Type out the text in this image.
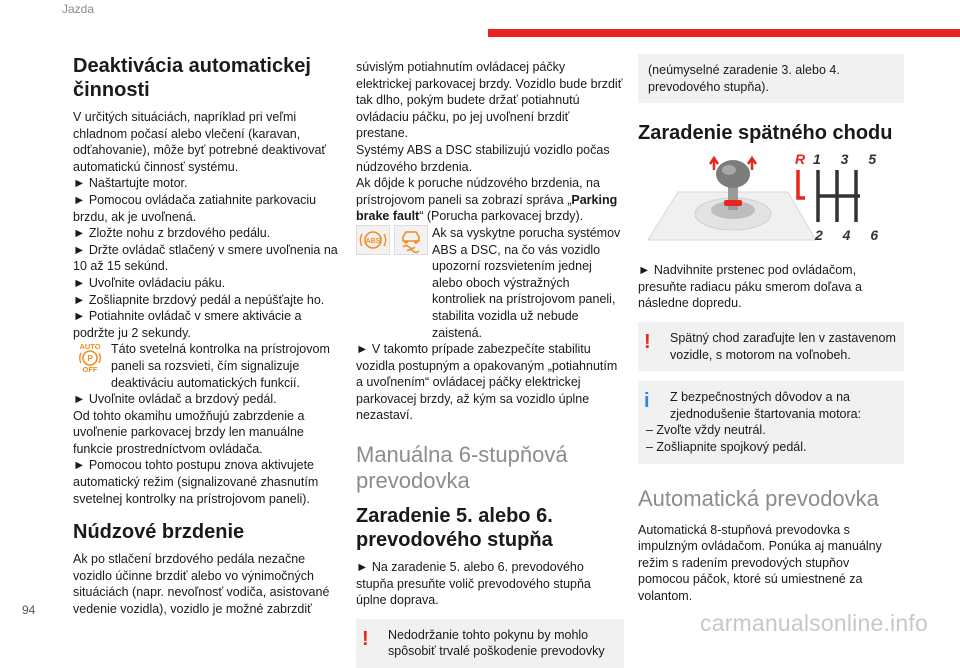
Jazda
Deaktivácia automatickej činnosti
V určitých situáciách, napríklad pri veľmi chladnom počasí alebo vlečení (karavan, odťahovanie), môže byť potrebné deaktivovať automatickú činnosť systému.
► Naštartujte motor.
► Pomocou ovládača zatiahnite parkovaciu brzdu, ak je uvoľnená.
► Zložte nohu z brzdového pedálu.
► Držte ovládač stlačený v smere uvoľnenia na 10 až 15 sekúnd.
► Uvoľnite ovládaciu páku.
► Zošliapnite brzdový pedál a nepúšťajte ho.
► Potiahnite ovládač v smere aktivácie a podržte ju 2 sekundy.
AUTO
P
OFF
Táto svetelná kontrolka na prístrojovom paneli sa rozsvieti, čím signalizuje deaktiváciu automatických funkcií.
► Uvoľnite ovládač a brzdový pedál.
Od tohto okamihu umožňujú zabrzdenie a uvoľnenie parkovacej brzdy len manuálne funkcie prostredníctvom ovládača.
► Pomocou tohto postupu znova aktivujete automatický režim (signalizované zhasnutím svetelnej kontrolky na prístrojovom paneli).
Núdzové brzdenie
Ak po stlačení brzdového pedála nezačne vozidlo účinne brzdiť alebo vo výnimočných situáciách (napr. nevoľnosť vodiča, asistované vedenie vozidla), vozidlo je možné zabrzdiť
súvislým potiahnutím ovládacej páčky elektrickej parkovacej brzdy. Vozidlo bude brzdiť tak dlho, pokým budete držať potiahnutú ovládaciu páčku, po jej uvoľnení brzdiť prestane.
Systémy ABS a DSC stabilizujú vozidlo počas núdzového brzdenia.
Ak dôjde k poruche núdzového brzdenia, na prístrojovom paneli sa zobrazí správa „Parking brake fault“ (Porucha parkovacej brzdy).
ABS
Ak sa vyskytne porucha systémov ABS a DSC, na čo vás vozidlo upozorní rozsvietením jednej alebo oboch výstražných kontroliek na prístrojovom paneli, stabilita vozidla už nebude zaistená.
► V takomto prípade zabezpečíte stabilitu vozidla postupným a opakovaným „potiahnutím a uvoľnením“ ovládacej páčky elektrickej parkovacej brzdy, až kým sa vozidlo úplne nezastaví.
Manuálna 6-stupňová prevodovka
Zaradenie 5. alebo 6. prevodového stupňa
► Na zaradenie 5. alebo 6. prevodového stupňa presuňte volič prevodového stupňa úplne doprava.
!	Nedodržanie tohto pokynu by mohlo spôsobiť trvalé poškodenie prevodovky
(neúmyselné zaradenie 3. alebo 4. prevodového stupňa).
Zaradenie spätného chodu
R 1 3 5
2 4 6
► Nadvihnite prstenec pod ovládačom, presuňte radiacu páku smerom doľava a následne dopredu.
!	Spätný chod zaraďujte len v zastavenom vozidle, s motorom na voľnobeh.
i	Z bezpečnostných dôvodov a na zjednodušenie štartovania motora:
– Zvoľte vždy neutrál.
– Zošliapnite spojkový pedál.
Automatická prevodovka
Automatická 8-stupňová prevodovka s impulzným ovládačom. Ponúka aj manuálny režim s radením prevodových stupňov pomocou páčok, ktoré sú umiestnené za volantom.
94	carmanualsonline.info
